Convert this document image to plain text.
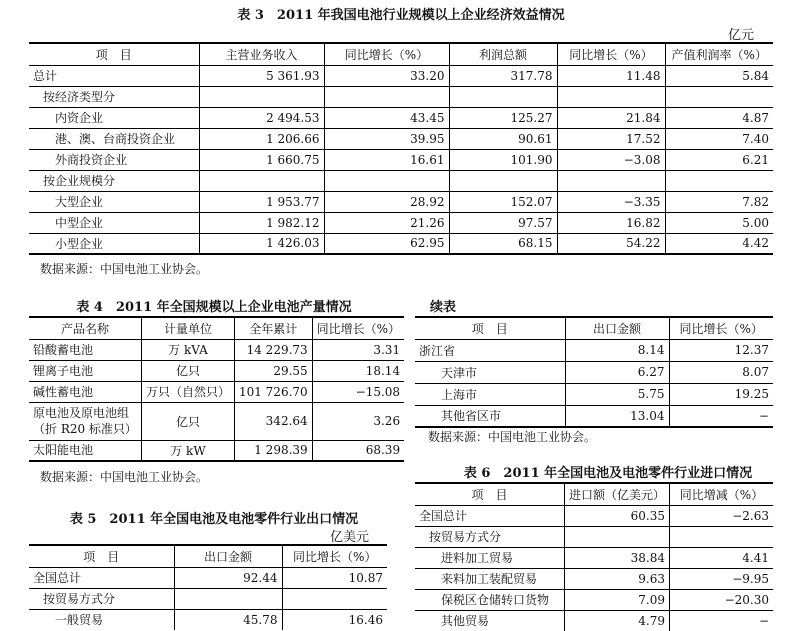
表 3　2011 年我国电池行业规模以上企业经济效益情况
亿元
项　目	主营业务收入	同比增长（%）	利润总额	同比增长（%）	产值利润率（%）
总计	5 361.93	33.20	317.78	11.48	5.84
按经济类型分					
内资企业	2 494.53	43.45	125.27	21.84	4.87
港、澳、台商投资企业	1 206.66	39.95	90.61	17.52	7.40
外商投资企业	1 660.75	16.61	101.90	−3.08	6.21
按企业规模分					
大型企业	1 953.77	28.92	152.07	−3.35	7.82
中型企业	1 982.12	21.26	97.57	16.82	5.00
小型企业	1 426.03	62.95	68.15	54.22	4.42
数据来源：中国电池工业协会。
表 4　2011 年全国规模以上企业电池产量情况
产品名称	计量单位	全年累计	同比增长（%）

铅酸蓄电池	万 kVA	14 229.73	3.31

锂离子电池	亿只	29.55	18.14

碱性蓄电池	万只（自然只）	101 726.70	−15.08

原电池及原电池组
（折 R20 标准只）	亿只	342.64	3.26

太阳能电池	万 kW	1 298.39	68.39
数据来源：中国电池工业协会。
表 5　2011 年全国电池及电池零件行业出口情况
亿美元
项　目	出口金额	同比增长（%）
全国总计	92.44	10.87
按贸易方式分		
一般贸易	45.78	16.46
续表
项　目	出口金额	同比增长（%）
浙江省	8.14	12.37
天津市	6.27	8.07
上海市	5.75	19.25
其他省区市	13.04	−
数据来源：中国电池工业协会。
表 6　2011 年全国电池及电池零件行业进口情况
项　目	进口额（亿美元）	同比增减（%）
全国总计	60.35	−2.63
按贸易方式分		
进料加工贸易	38.84	4.41
来料加工装配贸易	9.63	−9.95
保税区仓储转口货物	7.09	−20.30
其他贸易	4.79	−
